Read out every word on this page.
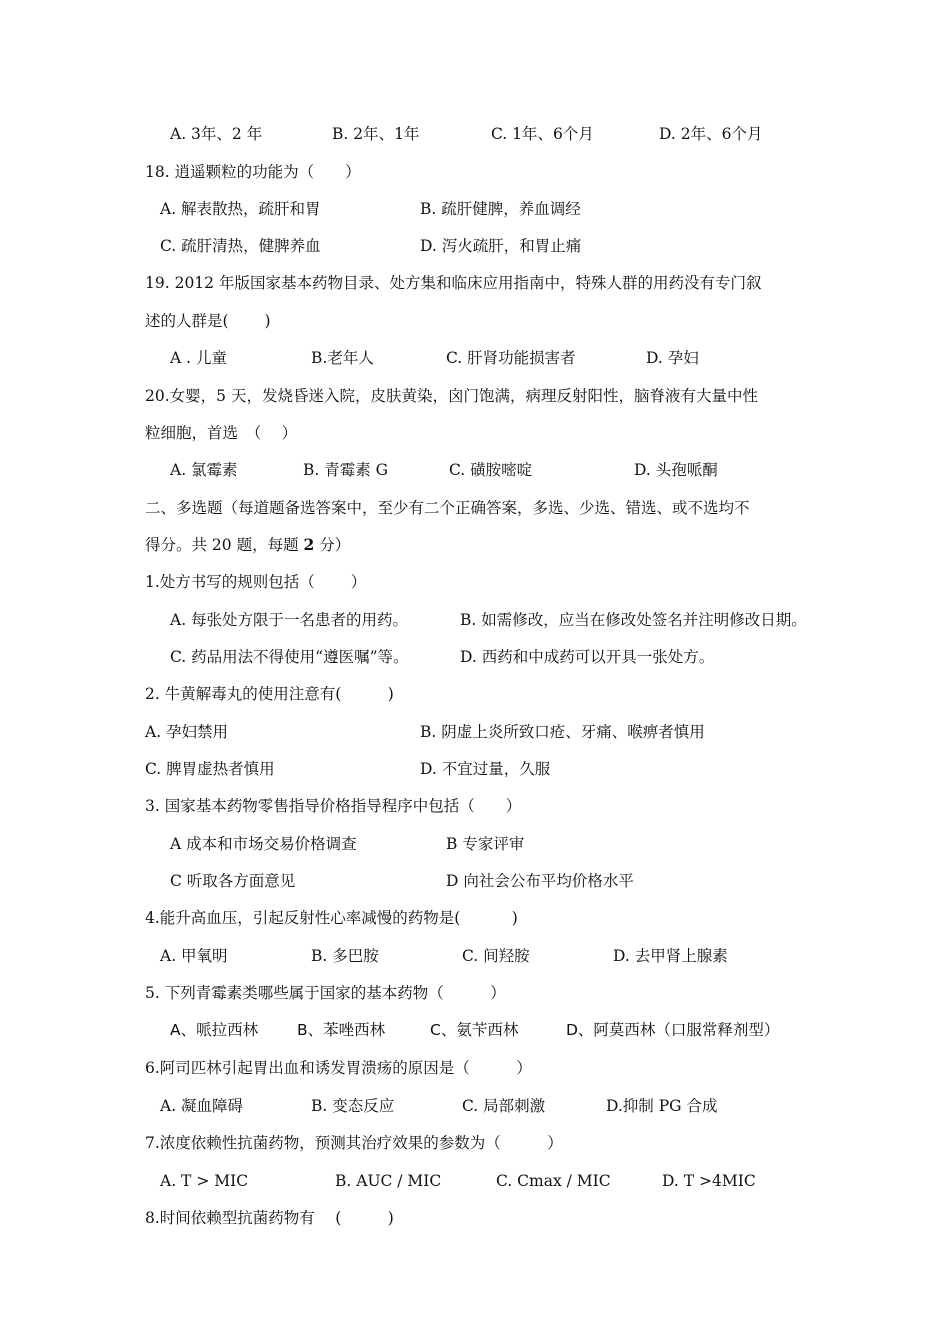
A. 3年、2 年	B. 2年、1年	C. 1年、6个月	D. 2年、6个月
18. 逍遥颗粒的功能为（　　）
A. 解表散热，疏肝和胃	B. 疏肝健脾，养血调经
C. 疏肝清热，健脾养血	D. 泻火疏肝，和胃止痛
19. 2012 年版国家基本药物目录、处方集和临床应用指南中，特殊人群的用药没有专门叙
述的人群是(　　 )
A . 儿童	B.老年人	C. 肝肾功能损害者	D. 孕妇
20.女婴，5 天，发烧昏迷入院，皮肤黄染，囟门饱满，病理反射阳性，脑脊液有大量中性
粒细胞，首选　（　 ）
A. 氯霉素	B. 青霉素 G	C. 磺胺嘧啶	D. 头孢哌酮
二、多选题（每道题备选答案中，至少有二个正确答案，多选、少选、错选、或不选均不
得分。共 20 题，每题 2 分）
1.处方书写的规则包括（　　 ）
A. 每张处方限于一名患者的用药。	B. 如需修改，应当在修改处签名并注明修改日期。
C. 药品用法不得使用“遵医嘱”等。	D. 西药和中成药可以开具一张处方。
2. 牛黄解毒丸的使用注意有(　　　)
A. 孕妇禁用	B. 阴虚上炎所致口疮、牙痛、喉痹者慎用
C. 脾胃虚热者慎用	D. 不宜过量，久服
3. 国家基本药物零售指导价格指导程序中包括（　　）
A 成本和市场交易价格调查	B 专家评审
C 听取各方面意见	D 向社会公布平均价格水平
4.能升高血压，引起反射性心率减慢的药物是(　　　 )
A. 甲氧明	B. 多巴胺	C. 间羟胺	D. 去甲肾上腺素
5. 下列青霉素类哪些属于国家的基本药物（　　　）
A、哌拉西林	B、苯唑西林	C、氨苄西林	D、阿莫西林（口服常释剂型）
6.阿司匹林引起胃出血和诱发胃溃疡的原因是（　　　）
A. 凝血障碍	B. 变态反应	C. 局部刺激	D.抑制 PG 合成
7.浓度依赖性抗菌药物，预测其治疗效果的参数为（　　　）
A. T > MIC	B. AUC / MIC	C. Cmax / MIC	D. T >4MIC
8.时间依赖型抗菌药物有　 (　　　)
